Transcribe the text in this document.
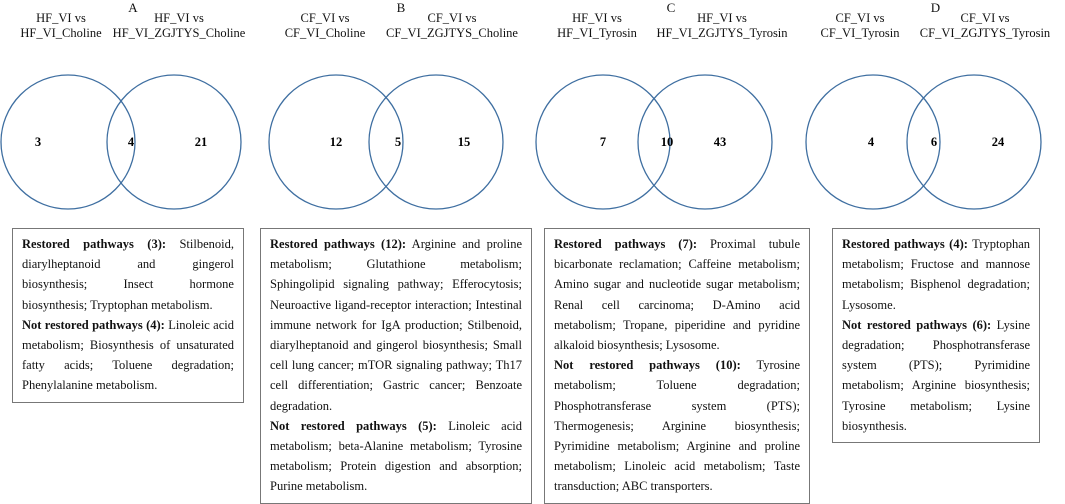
A
HF_VI vs
HF_VI_Choline
HF_VI vs
HF_VI_ZGJTYS_Choline
3	4	21

Restored pathways (3): Stilbenoid, diarylheptanoid and gingerol biosynthesis; Insect hormone biosynthesis; Tryptophan metabolism.

Not restored pathways (4): Linoleic acid metabolism; Biosynthesis of unsaturated fatty acids; Toluene degradation; Phenylalanine metabolism.

B
CF_VI vs
CF_VI_Choline
CF_VI vs
CF_VI_ZGJTYS_Choline
12	5	15

Restored pathways (12): Arginine and proline metabolism; Glutathione metabolism; Sphingolipid signaling pathway; Efferocytosis; Neuroactive ligand-receptor interaction; Intestinal immune network for IgA production; Stilbenoid, diarylheptanoid and gingerol biosynthesis; Small cell lung cancer; mTOR signaling pathway; Th17 cell differentiation; Gastric cancer; Benzoate degradation.

Not restored pathways (5): Linoleic acid metabolism; beta-Alanine metabolism; Tyrosine metabolism; Protein digestion and absorption; Purine metabolism.

C
HF_VI vs
HF_VI_Tyrosin
HF_VI vs
HF_VI_ZGJTYS_Tyrosin
7	10	43

Restored pathways (7): Proximal tubule bicarbonate reclamation; Caffeine metabolism; Amino sugar and nucleotide sugar metabolism; Renal cell carcinoma; D-Amino acid metabolism; Tropane, piperidine and pyridine alkaloid biosynthesis; Lysosome.

Not restored pathways (10): Tyrosine metabolism; Toluene degradation; Phosphotransferase system (PTS); Thermogenesis; Arginine biosynthesis; Pyrimidine metabolism; Arginine and proline metabolism; Linoleic acid metabolism; Taste transduction; ABC transporters.

D
CF_VI vs
CF_VI_Tyrosin
CF_VI vs
CF_VI_ZGJTYS_Tyrosin
4	6	24

Restored pathways (4): Tryptophan metabolism; Fructose and mannose metabolism; Bisphenol degradation; Lysosome.

Not restored pathways (6): Lysine degradation; Phosphotransferase system (PTS); Pyrimidine metabolism; Arginine biosynthesis; Tyrosine metabolism; Lysine biosynthesis.
